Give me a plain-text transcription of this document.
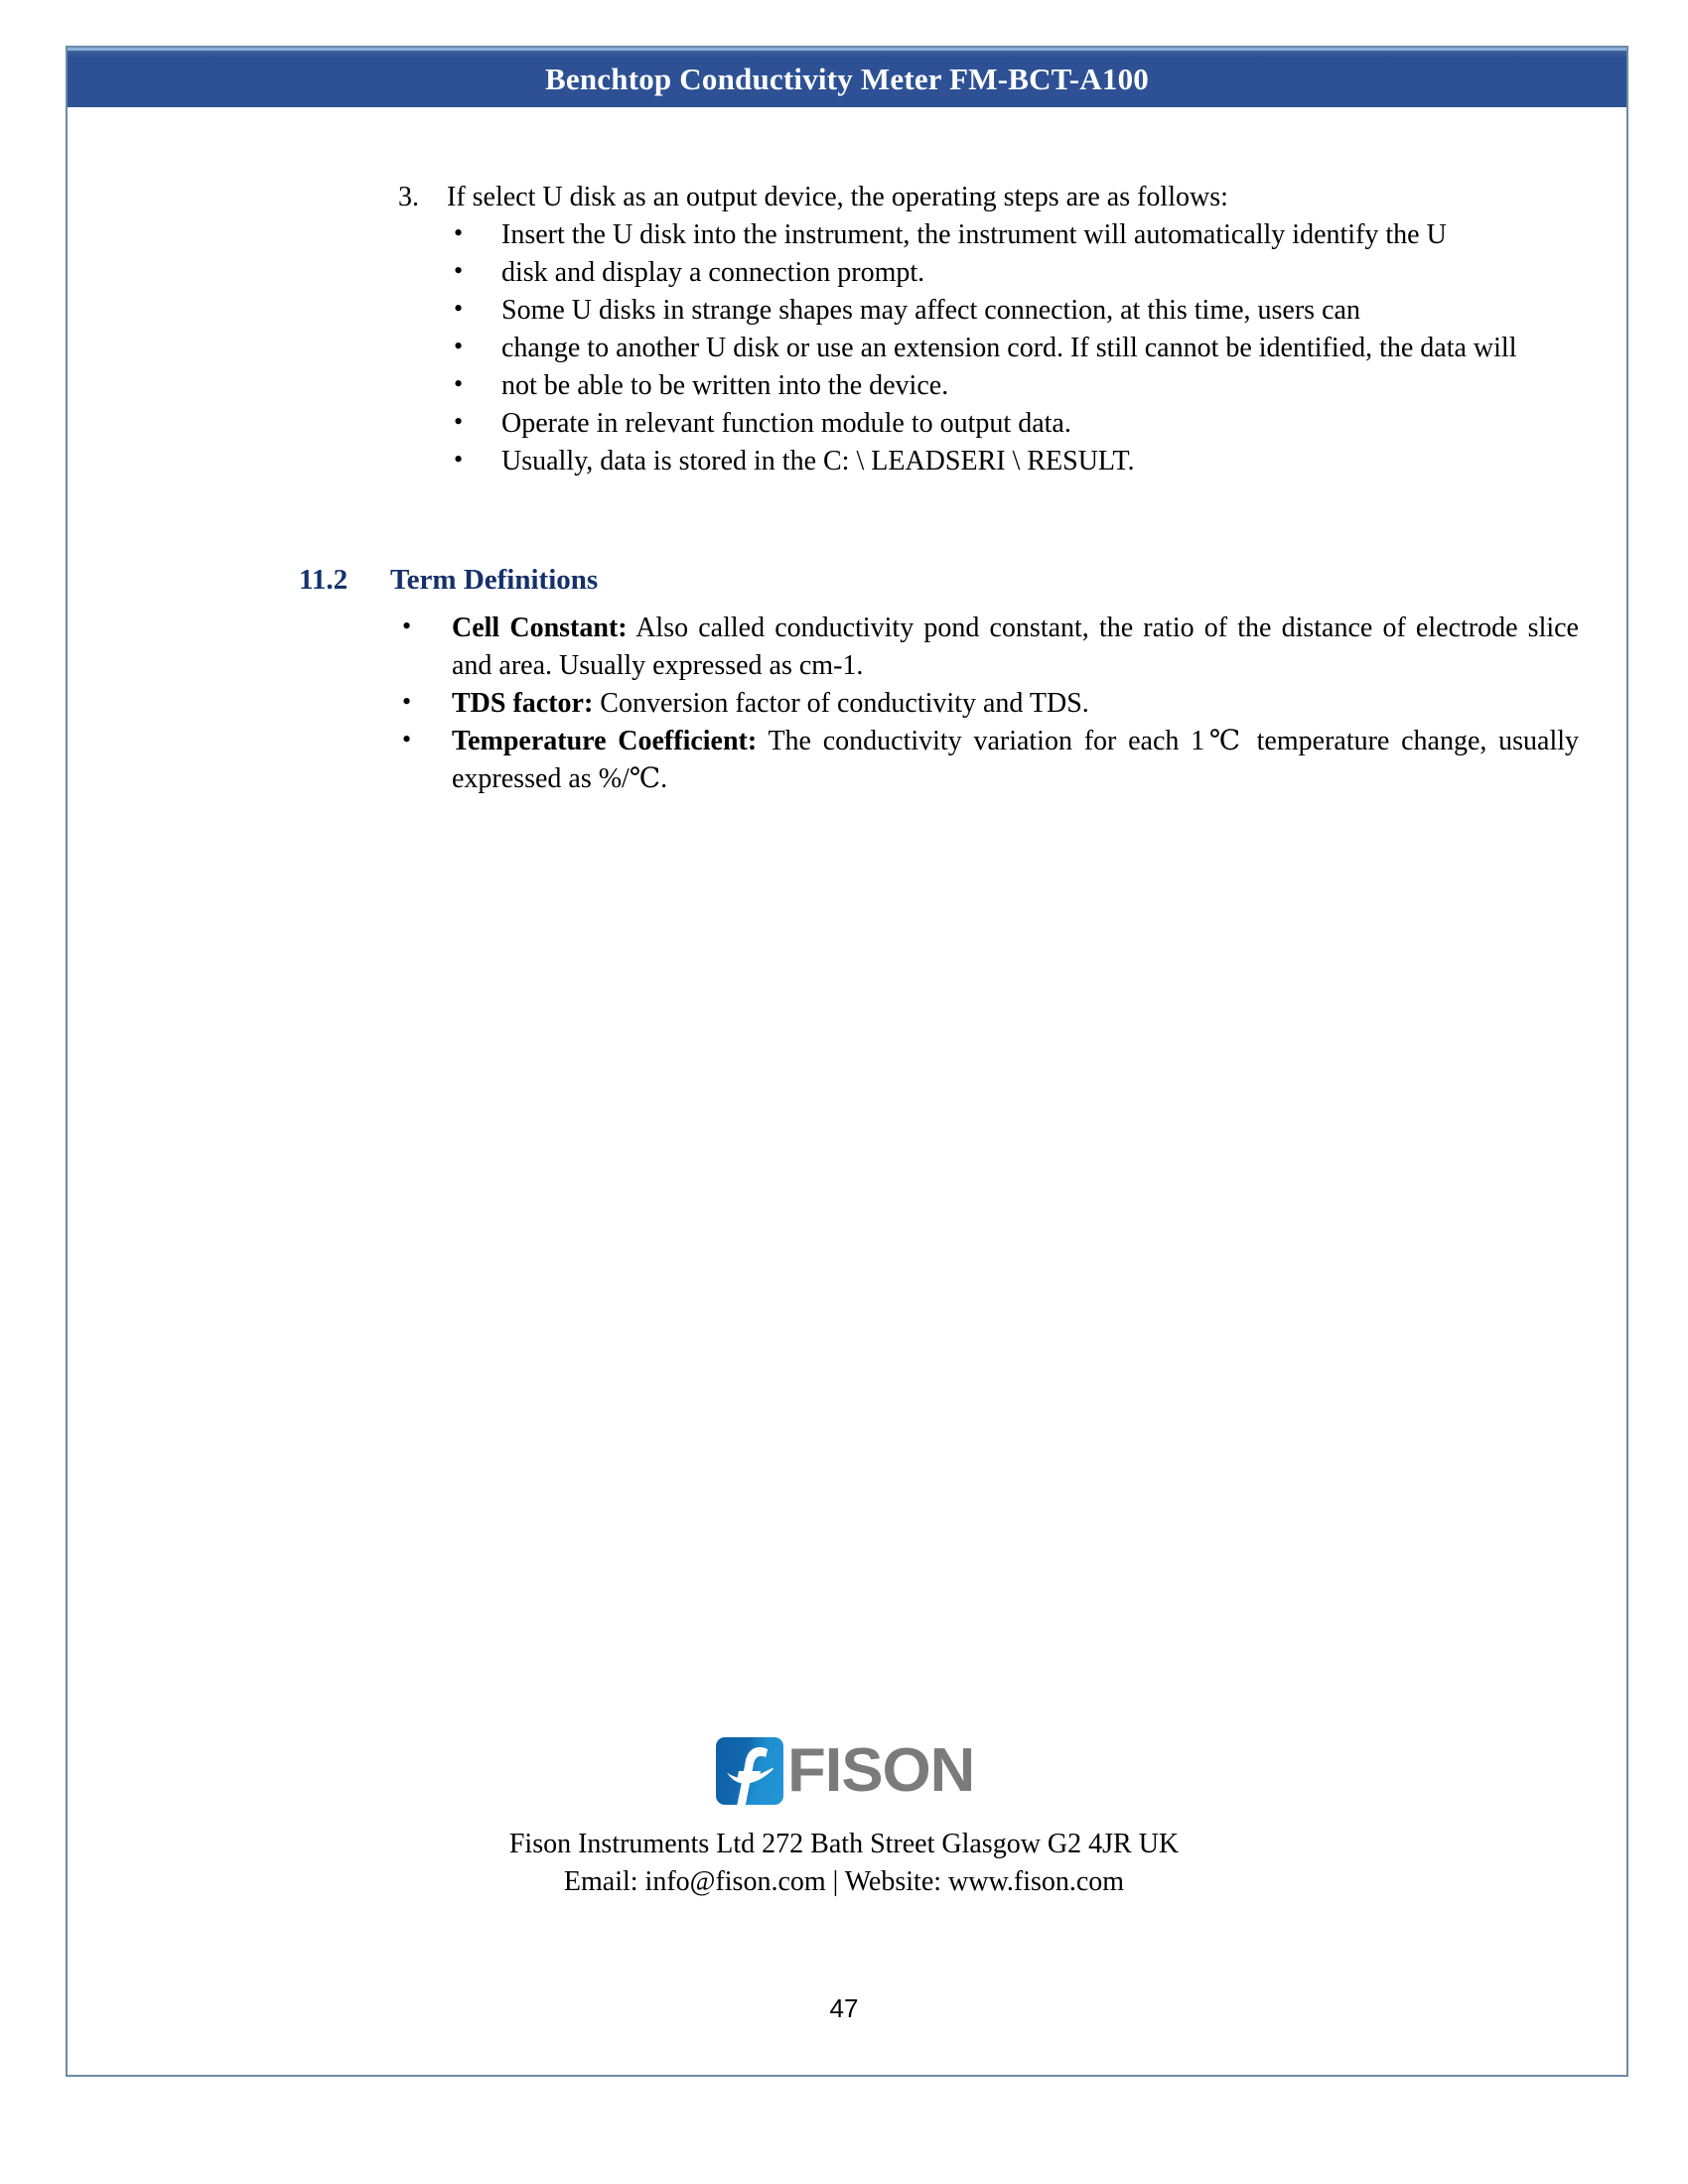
Benchtop Conductivity Meter FM-BCT-A100
3. If select U disk as an output device, the operating steps are as follows:
• Insert the U disk into the instrument, the instrument will automatically identify the U
• disk and display a connection prompt.
• Some U disks in strange shapes may affect connection, at this time, users can
• change to another U disk or use an extension cord. If still cannot be identified, the data will
• not be able to be written into the device.
• Operate in relevant function module to output data.
• Usually, data is stored in the C: \ LEADSERI \ RESULT.
11.2 Term Definitions
• Cell Constant: Also called conductivity pond constant, the ratio of the distance of electrode slice and area. Usually expressed as cm-1.
• TDS factor: Conversion factor of conductivity and TDS.
• Temperature Coefficient: The conductivity variation for each 1℃ temperature change, usually expressed as %/℃.
FISON
Fison Instruments Ltd 272 Bath Street Glasgow G2 4JR UK
Email: info@fison.com | Website: www.fison.com
47
